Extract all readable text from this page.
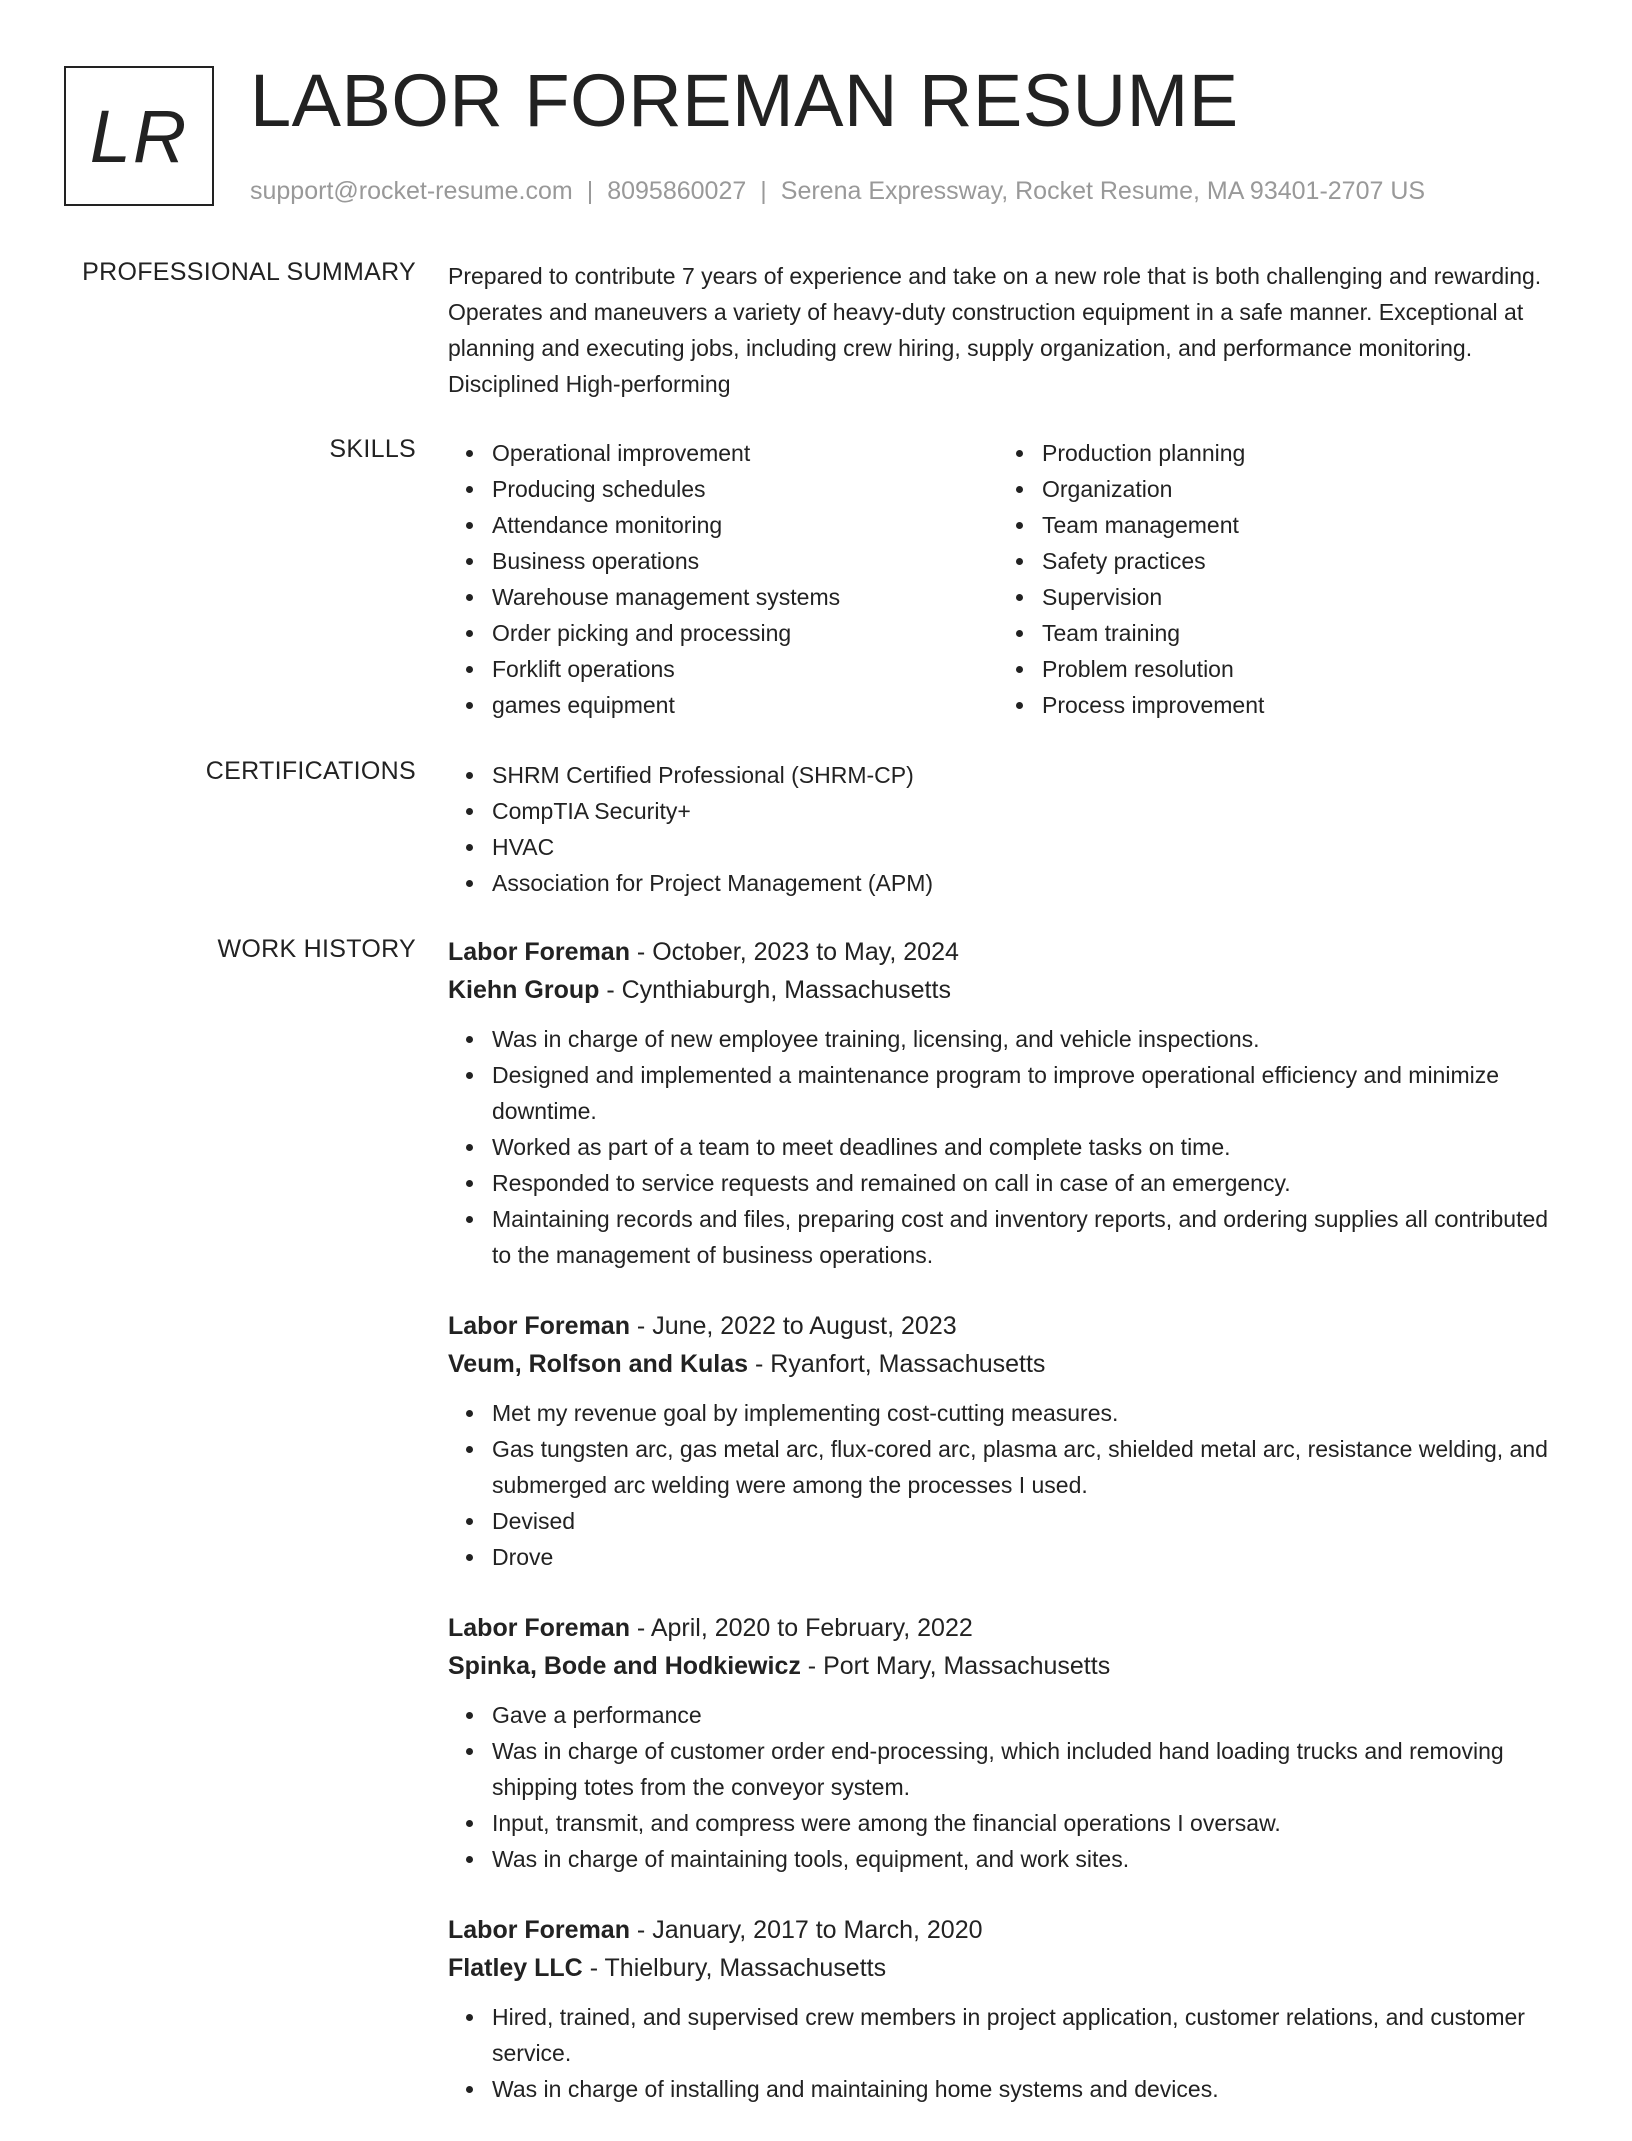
LR LABOR FOREMAN RESUME
support@rocket-resume.com | 8095860027 | Serena Expressway, Rocket Resume, MA 93401-2707 US
PROFESSIONAL SUMMARY Prepared to contribute 7 years of experience and take on a new role that is both challenging and rewarding. Operates and maneuvers a variety of heavy-duty construction equipment in a safe manner. Exceptional at planning and executing jobs, including crew hiring, supply organization, and performance monitoring. Disciplined High-performing
SKILLS	Operational improvement
Producing schedules
Attendance monitoring
Business operations
Warehouse management systems
Order picking and processing
Forklift operations
games equipment
Production planning
Organization
Team management
Safety practices
Supervision
Team training
Problem resolution
Process improvement
CERTIFICATIONS	SHRM Certified Professional (SHRM-CP)
CompTIA Security+
HVAC
Association for Project Management (APM)
WORK HISTORY Labor Foreman - October, 2023 to May, 2024
Kiehn Group - Cynthiaburgh, Massachusetts
Was in charge of new employee training, licensing, and vehicle inspections.
Designed and implemented a maintenance program to improve operational efficiency and minimize downtime.
Worked as part of a team to meet deadlines and complete tasks on time.
Responded to service requests and remained on call in case of an emergency.
Maintaining records and files, preparing cost and inventory reports, and ordering supplies all contributed to the management of business operations.
Labor Foreman - June, 2022 to August, 2023
Veum, Rolfson and Kulas - Ryanfort, Massachusetts
Met my revenue goal by implementing cost-cutting measures.
Gas tungsten arc, gas metal arc, flux-cored arc, plasma arc, shielded metal arc, resistance welding, and submerged arc welding were among the processes I used.
Devised
Drove
Labor Foreman - April, 2020 to February, 2022
Spinka, Bode and Hodkiewicz - Port Mary, Massachusetts
Gave a performance
Was in charge of customer order end-processing, which included hand loading trucks and removing shipping totes from the conveyor system.
Input, transmit, and compress were among the financial operations I oversaw.
Was in charge of maintaining tools, equipment, and work sites.
Labor Foreman - January, 2017 to March, 2020
Flatley LLC - Thielbury, Massachusetts
Hired, trained, and supervised crew members in project application, customer relations, and customer service.
Was in charge of installing and maintaining home systems and devices.
